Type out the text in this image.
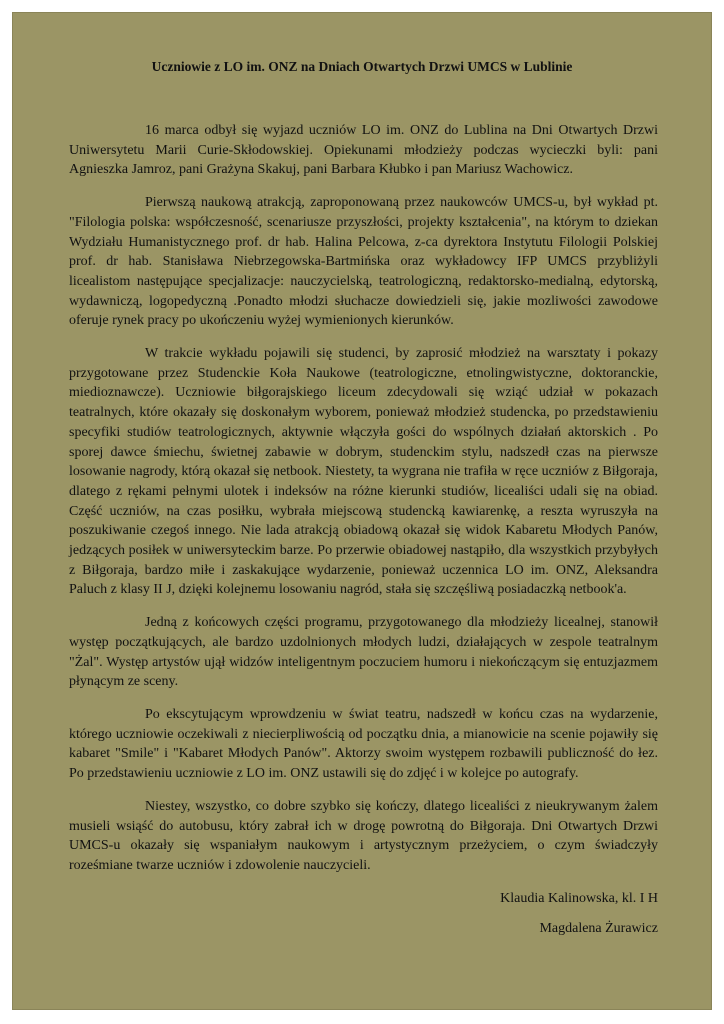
Uczniowie z LO im. ONZ na Dniach Otwartych Drzwi UMCS w Lublinie

16 marca odbył się wyjazd uczniów LO im. ONZ do Lublina na Dni Otwartych Drzwi Uniwersytetu Marii Curie-Skłodowskiej. Opiekunami młodzieży podczas wycieczki byli: pani Agnieszka Jamroz, pani Grażyna Skakuj, pani Barbara Kłubko i pan Mariusz Wachowicz.

Pierwszą naukową atrakcją, zaproponowaną przez naukowców UMCS-u, był wykład pt. "Filologia polska: współczesność, scenariusze przyszłości, projekty kształcenia", na którym to dziekan Wydziału Humanistycznego prof. dr hab. Halina Pelcowa, z-ca dyrektora Instytutu Filologii Polskiej prof. dr hab. Stanisława Niebrzegowska-Bartmińska oraz wykładowcy IFP UMCS przybliżyli licealistom następujące specjalizacje: nauczycielską, teatrologiczną, redaktorsko-medialną, edytorską, wydawniczą, logopedyczną .Ponadto młodzi słuchacze dowiedzieli się, jakie mozliwości zawodowe oferuje rynek pracy po ukończeniu wyżej wymienionych kierunków.

W trakcie wykładu pojawili się studenci, by zaprosić młodzież na warsztaty i pokazy przygotowane przez Studenckie Koła Naukowe (teatrologiczne, etnolingwistyczne, doktoranckie, miedioznawcze). Uczniowie biłgorajskiego liceum zdecydowali się wziąć udział w pokazach teatralnych, które okazały się doskonałym wyborem, ponieważ młodzież studencka, po przedstawieniu specyfiki studiów teatrologicznych, aktywnie włączyła gości do wspólnych działań aktorskich . Po sporej dawce śmiechu, świetnej zabawie w dobrym, studenckim stylu, nadszedł czas na pierwsze losowanie nagrody, którą okazał się netbook. Niestety, ta wygrana nie trafiła w ręce uczniów z Biłgoraja, dlatego z rękami pełnymi ulotek i indeksów na różne kierunki studiów, licealiści udali się na obiad. Część uczniów, na czas posiłku, wybrała miejscową studencką kawiarenkę, a reszta wyruszyła na poszukiwanie czegoś innego. Nie lada atrakcją obiadową okazał się widok Kabaretu Młodych Panów, jedzących posiłek w uniwersyteckim barze. Po przerwie obiadowej nastąpiło, dla wszystkich przybyłych z Biłgoraja, bardzo miłe i zaskakujące wydarzenie, ponieważ uczennica LO im. ONZ, Aleksandra Paluch z klasy II J, dzięki kolejnemu losowaniu nagród, stała się szczęśliwą posiadaczką netbook'a.

Jedną z końcowych części programu, przygotowanego dla młodzieży licealnej, stanowił występ początkujących, ale bardzo uzdolnionych młodych ludzi, działających w zespole teatralnym "Żal". Występ artystów ujął widzów inteligentnym poczuciem humoru i niekończącym się entuzjazmem płynącym ze sceny.

Po ekscytującym wprowdzeniu w świat teatru, nadszedł w końcu czas na wydarzenie, którego uczniowie oczekiwali z niecierpliwością od początku dnia, a mianowicie na scenie pojawiły się kabaret "Smile" i "Kabaret Młodych Panów". Aktorzy swoim występem rozbawili publiczność do łez. Po przedstawieniu uczniowie z LO im. ONZ ustawili się do zdjęć i w kolejce po autografy.

Niestey, wszystko, co dobre szybko się kończy, dlatego licealiści z nieukrywanym żalem musieli wsiąść do autobusu, który zabrał ich w drogę powrotną do Biłgoraja. Dni Otwartych Drzwi UMCS-u okazały się wspaniałym naukowym i artystycznym przeżyciem, o czym świadczyły roześmiane twarze uczniów i zdowolenie nauczycieli.

Klaudia Kalinowska, kl. I H
Magdalena Żurawicz
